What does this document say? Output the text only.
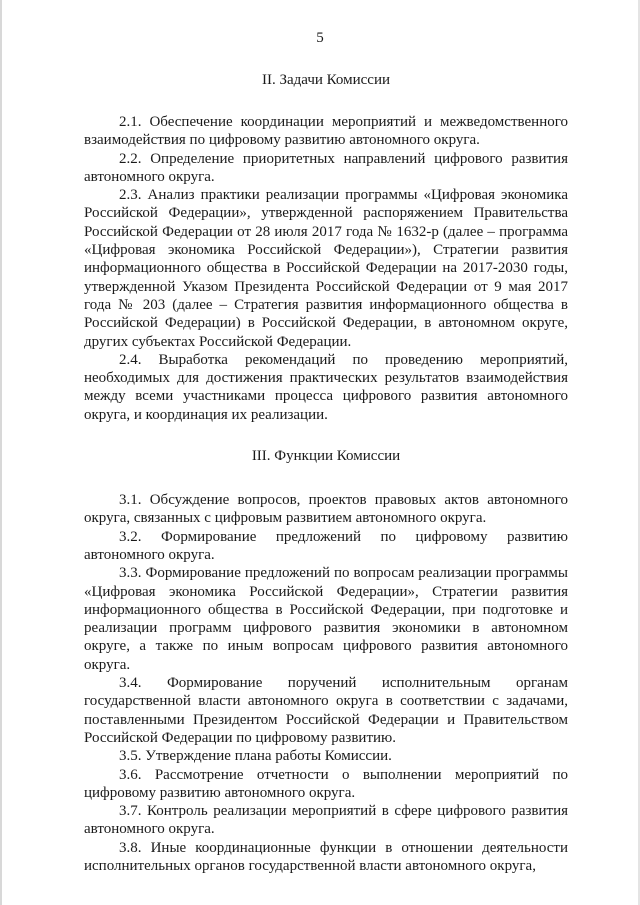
5
II. Задачи Комиссии

2.1. Обеспечение координации мероприятий и межведомственного взаимодействия по цифровому развитию автономного округа.

2.2. Определение приоритетных направлений цифрового развития автономного округа.

2.3. Анализ практики реализации программы «Цифровая экономика Российской Федерации», утвержденной распоряжением Правительства Российской Федерации от 28 июля 2017 года № 1632-р (далее – программа «Цифровая экономика Российской Федерации»), Стратегии развития информационного общества в Российской Федерации на 2017-2030 годы, утвержденной Указом Президента Российской Федерации от 9 мая 2017 года № 203 (далее – Стратегия развития информационного общества в Российской Федерации) в Российской Федерации, в автономном округе, других субъектах Российской Федерации.

2.4. Выработка рекомендаций по проведению мероприятий, необходимых для достижения практических результатов взаимодействия между всеми участниками процесса цифрового развития автономного округа, и координация их реализации.

III. Функции Комиссии

3.1. Обсуждение вопросов, проектов правовых актов автономного округа, связанных с цифровым развитием автономного округа.

3.2. Формирование предложений по цифровому развитию автономного округа.

3.3. Формирование предложений по вопросам реализации программы «Цифровая экономика Российской Федерации», Стратегии развития информационного общества в Российской Федерации, при подготовке и реализации программ цифрового развития экономики в автономном округе, а также по иным вопросам цифрового развития автономного округа.

3.4. Формирование поручений исполнительным органам государственной власти автономного округа в соответствии с задачами, поставленными Президентом Российской Федерации и Правительством Российской Федерации по цифровому развитию.

3.5. Утверждение плана работы Комиссии.

3.6. Рассмотрение отчетности о выполнении мероприятий по цифровому развитию автономного округа.

3.7. Контроль реализации мероприятий в сфере цифрового развития автономного округа.

3.8. Иные координационные функции в отношении деятельности исполнительных органов государственной власти автономного округа,
